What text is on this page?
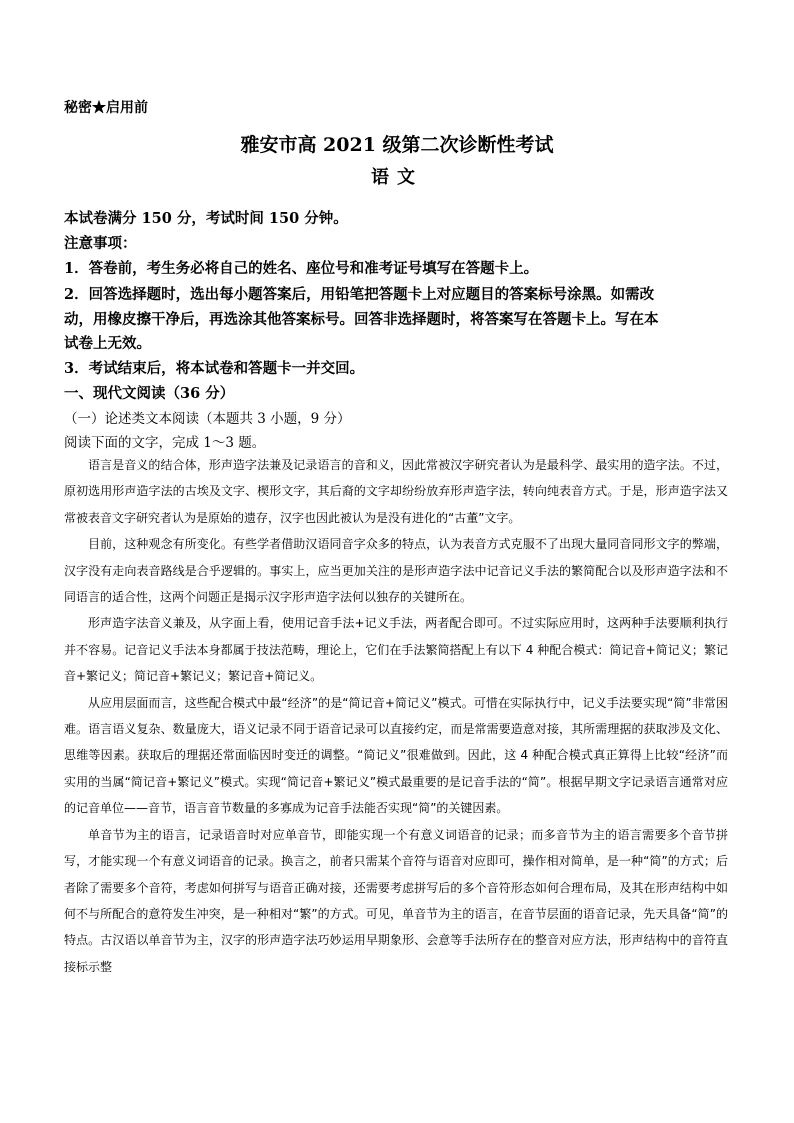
秘密★启用前
雅安市高 2021 级第二次诊断性考试
语文
本试卷满分 150 分，考试时间 150 分钟。
注意事项：
1．答卷前，考生务必将自己的姓名、座位号和准考证号填写在答题卡上。
2．回答选择题时，选出每小题答案后，用铅笔把答题卡上对应题目的答案标号涂黑。如需改
动，用橡皮擦干净后，再选涂其他答案标号。回答非选择题时，将答案写在答题卡上。写在本
试卷上无效。
3．考试结束后，将本试卷和答题卡一并交回。
一、现代文阅读（36 分）
（一）论述类文本阅读（本题共 3 小题，9 分）
阅读下面的文字，完成 1～3 题。

语言是音义的结合体，形声造字法兼及记录语言的音和义，因此常被汉字研究者认为是最科学、最实用的造字法。不过，原初选用形声造字法的古埃及文字、楔形文字，其后裔的文字却纷纷放弃形声造字法，转向纯表音方式。于是，形声造字法又常被表音文字研究者认为是原始的遗存，汉字也因此被认为是没有进化的“古董”文字。

目前，这种观念有所变化。有些学者借助汉语同音字众多的特点，认为表音方式克服不了出现大量同音同形文字的弊端，汉字没有走向表音路线是合乎逻辑的。事实上，应当更加关注的是形声造字法中记音记义手法的繁简配合以及形声造字法和不同语言的适合性，这两个问题正是揭示汉字形声造字法何以独存的关键所在。

形声造字法音义兼及，从字面上看，使用记音手法+记义手法，两者配合即可。不过实际应用时，这两种手法要顺利执行并不容易。记音记义手法本身都属于技法范畴，理论上，它们在手法繁简搭配上有以下 4 种配合模式：简记音+简记义；繁记音+繁记义；简记音+繁记义；繁记音+简记义。

从应用层面而言，这些配合模式中最“经济”的是“简记音+简记义”模式。可惜在实际执行中，记义手法要实现“简”非常困难。语言语义复杂、数量庞大，语义记录不同于语音记录可以直接约定，而是常需要造意对接，其所需理据的获取涉及文化、思维等因素。获取后的理据还常面临因时变迁的调整。“简记义”很难做到。因此，这 4 种配合模式真正算得上比较“经济”而实用的当属“简记音+繁记义”模式。实现“简记音+繁记义”模式最重要的是记音手法的“简”。根据早期文字记录语言通常对应的记音单位——音节，语言音节数量的多寡成为记音手法能否实现“简”的关键因素。

单音节为主的语言，记录语音时对应单音节，即能实现一个有意义词语音的记录；而多音节为主的语言需要多个音节拼写，才能实现一个有意义词语音的记录。换言之，前者只需某个音符与语音对应即可，操作相对简单，是一种“简”的方式；后者除了需要多个音符，考虑如何拼写与语音正确对接，还需要考虑拼写后的多个音符形态如何合理布局，及其在形声结构中如何不与所配合的意符发生冲突，是一种相对“繁”的方式。可见，单音节为主的语言，在音节层面的语音记录，先天具备“简”的特点。古汉语以单音节为主，汉字的形声造字法巧妙运用早期象形、会意等手法所存在的整音对应方法，形声结构中的音符直接标示整
